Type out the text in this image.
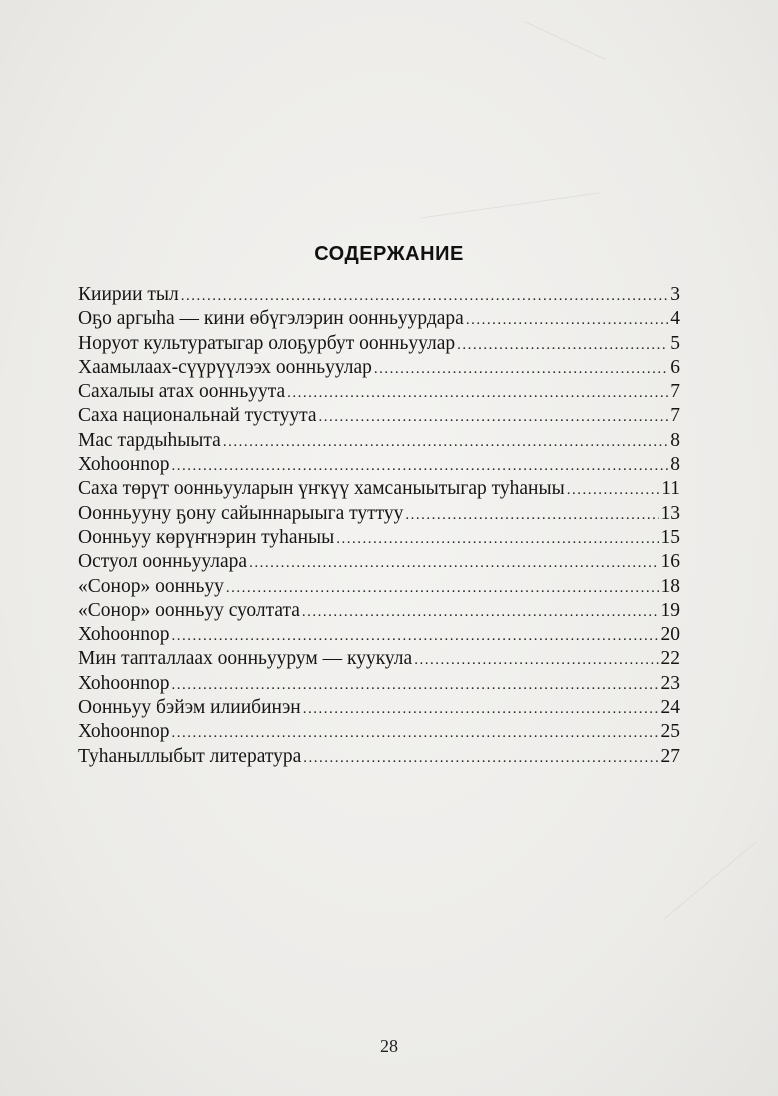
СОДЕРЖАНИЕ
Киирии тыл .....	3
Оҕо аргыһа — кини өбүгэлэрин оонньуурдара .....	4
Норуот культуратыгар олоҕурбут оонньуулар .....	5
Хаамылаах-сүүрүүлээх оонньуулар .....	6
Сахалыы атах оонньуута .....	7
Саха национальнай тустуута .....	7
Мас тардыһыыта .....	8
Хоһоонnор .....	8
Саха төрүт оонньууларын үҥкүү хамсаныытыгар туһаныы .....	11
Оонньууну ҕону сайыннарыыга туттуу .....	13
Оонньуу көрүҥнэрин туһаныы .....	15
Остуол оонньуулара .....	16
«Сонор» оонньуу .....	18
«Сонор» оонньуу суолтата .....	19
Хоһоонnор .....	20
Мин тапталлаах оонньуурум — куукула .....	22
Хоһоонnор .....	23
Оонньуу бэйэм илиибинэн .....	24
Хоһоонnор .....	25
Туһаныллыбыт литература .....	27
28
